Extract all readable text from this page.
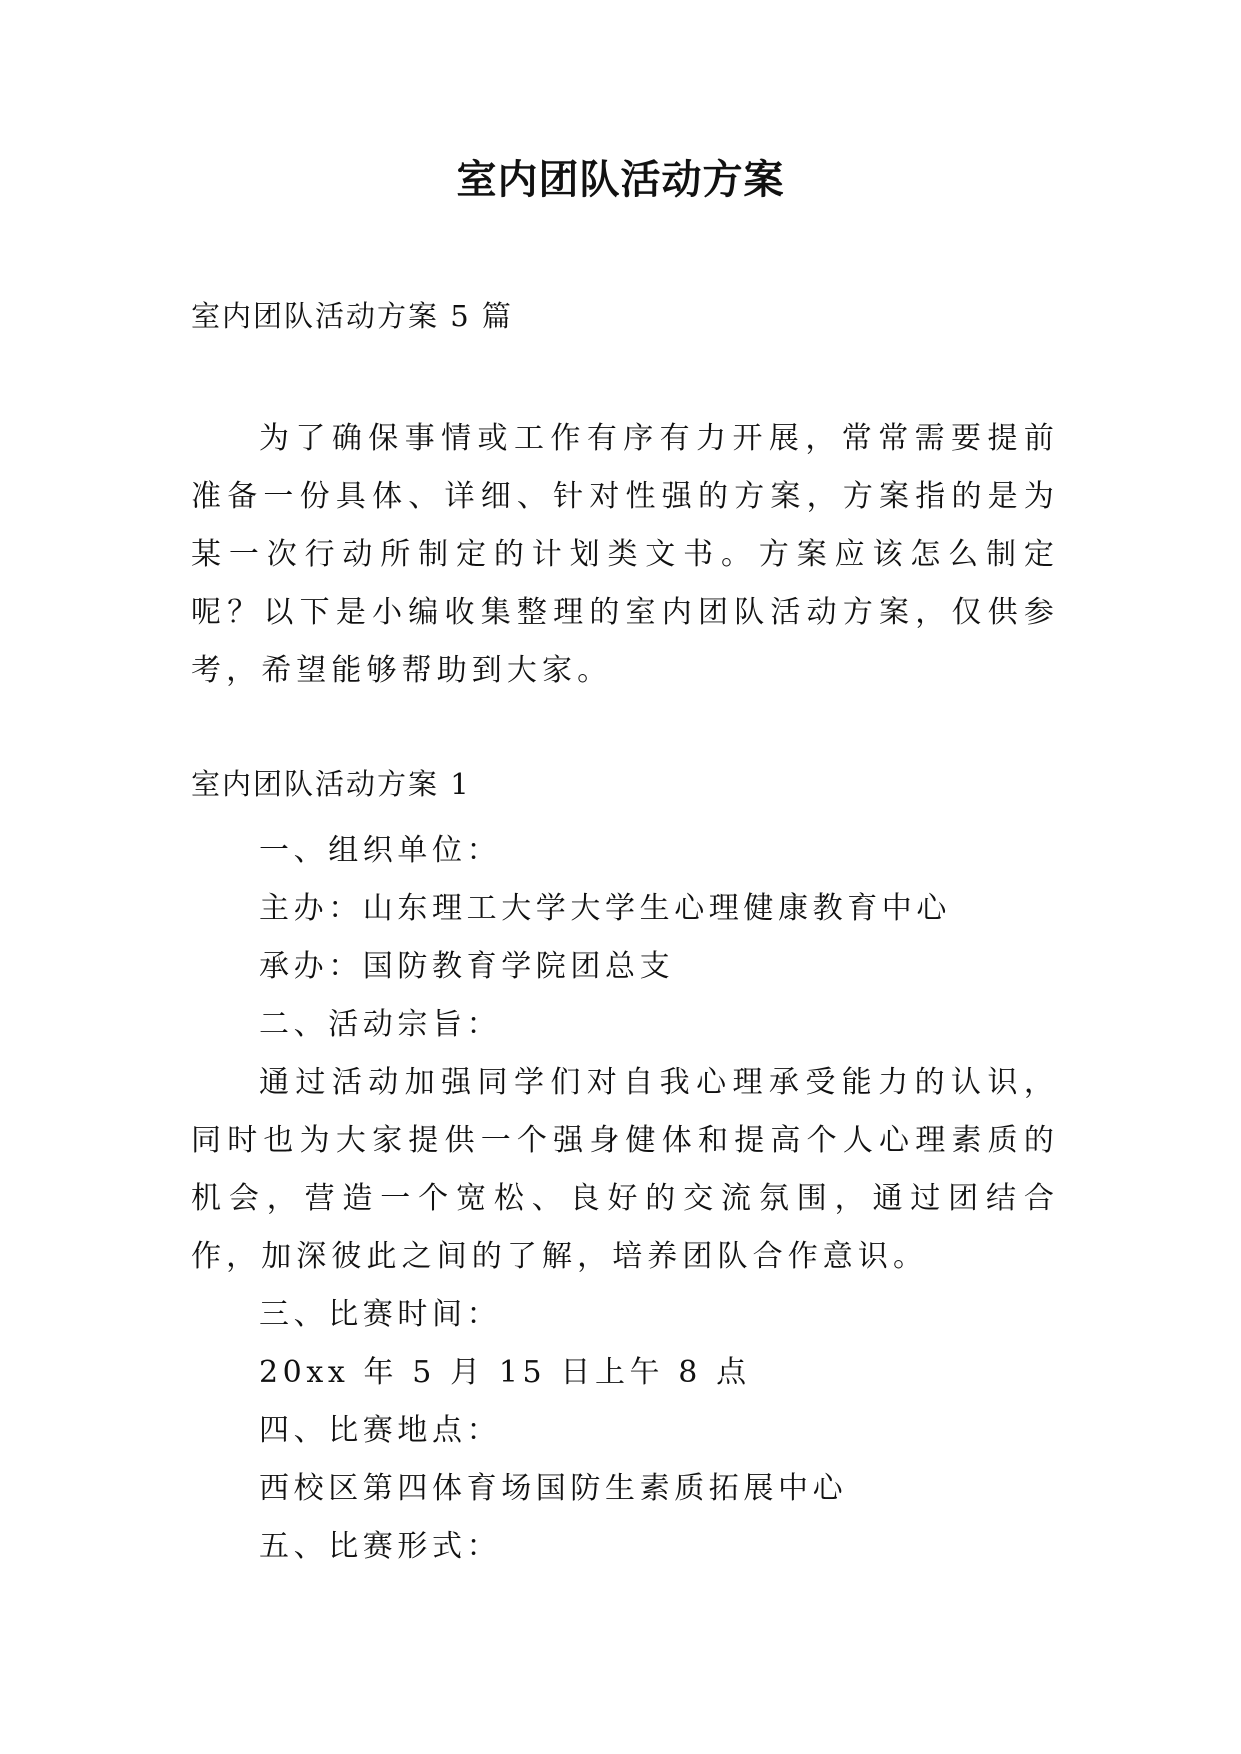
室内团队活动方案

室内团队活动方案 5 篇

为了确保事情或工作有序有力开展，常常需要提前准备一份具体、详细、针对性强的方案，方案指的是为某一次行动所制定的计划类文书。方案应该怎么制定呢？以下是小编收集整理的室内团队活动方案，仅供参考，希望能够帮助到大家。

室内团队活动方案 1

一、组织单位：

主办：山东理工大学大学生心理健康教育中心

承办：国防教育学院团总支

二、活动宗旨：

通过活动加强同学们对自我心理承受能力的认识，同时也为大家提供一个强身健体和提高个人心理素质的机会，营造一个宽松、良好的交流氛围，通过团结合作，加深彼此之间的了解，培养团队合作意识。

三、比赛时间：

20xx 年 5 月 15 日上午 8 点

四、比赛地点：

西校区第四体育场国防生素质拓展中心

五、比赛形式：
